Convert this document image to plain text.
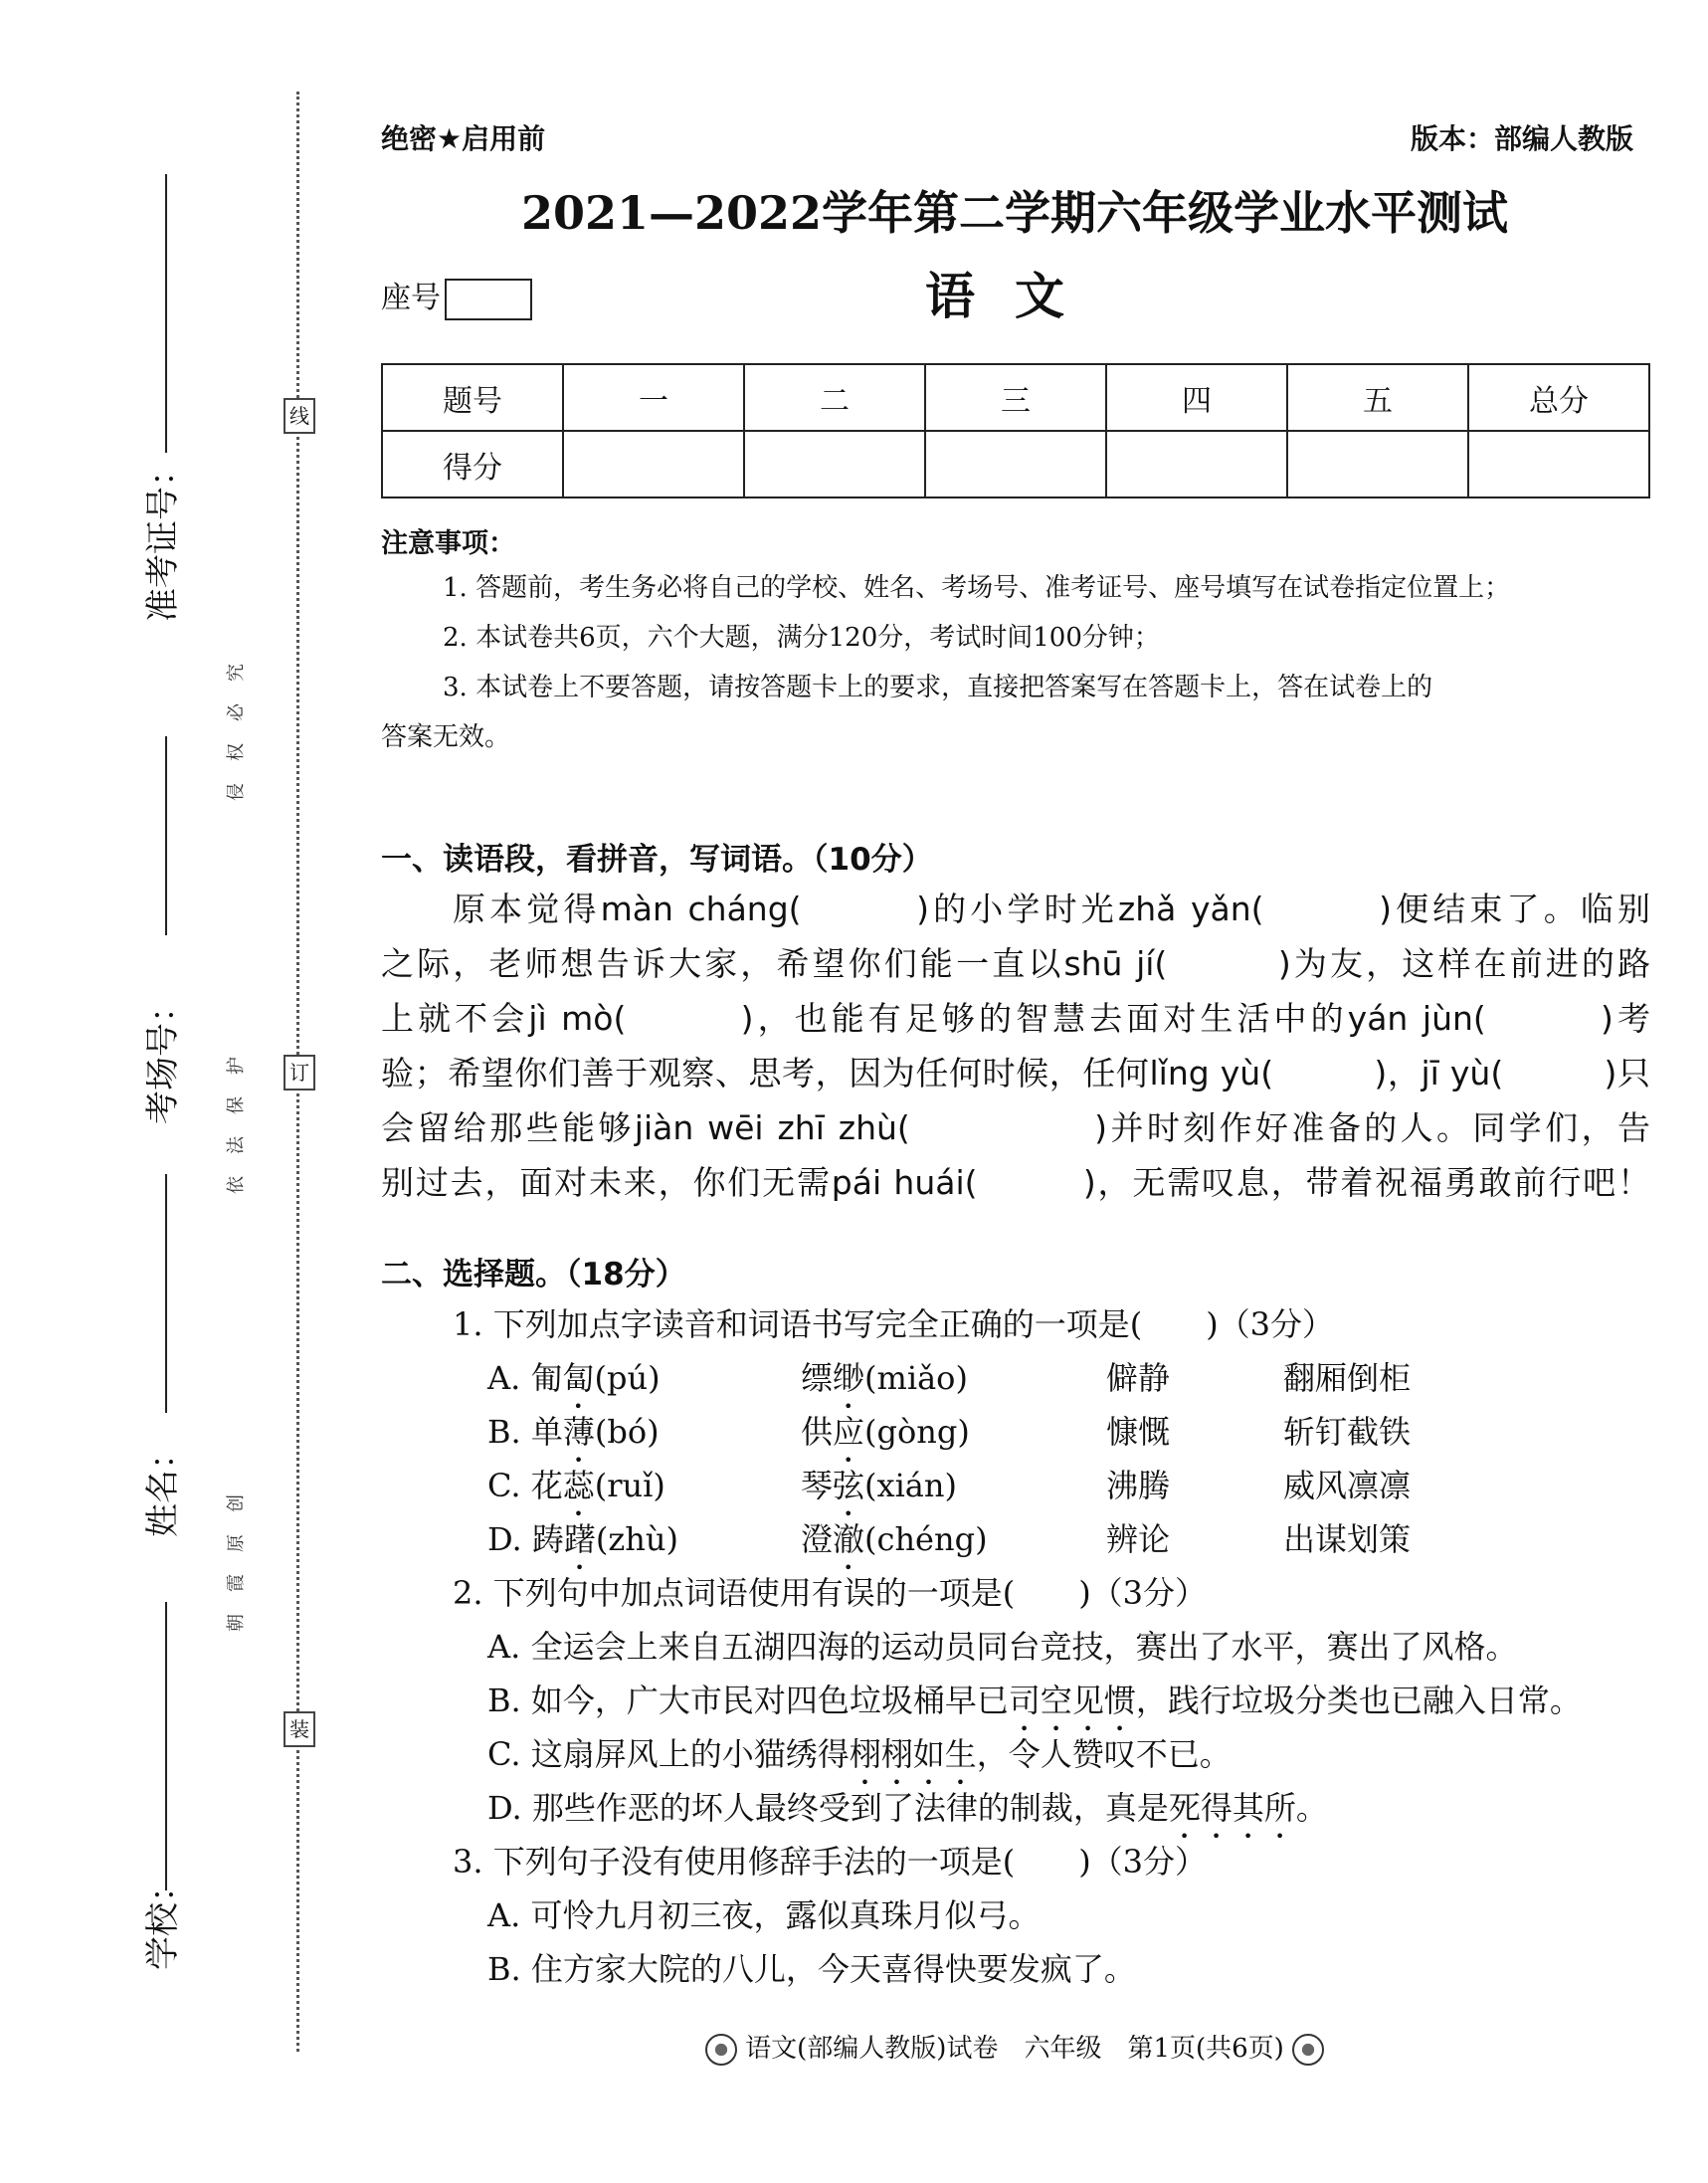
线
订
装
准考证号：
考场号：
姓名：
学校：
侵权必究
依法保护
朝霞原创
绝密★启用前	版本：部编人教版
2021—2022学年第二学期六年级学业水平测试
语文
座号
题号	一	二	三	四	五	总分
得分						
注意事项：
1. 答题前，考生务必将自己的学校、姓名、考场号、准考证号、座号填写在试卷指定位置上；
2. 本试卷共6页，六个大题，满分120分，考试时间100分钟；
3. 本试卷上不要答题，请按答题卡上的要求，直接把答案写在答题卡上，答在试卷上的
答案无效。
一、读语段，看拼音，写词语。（10分）
原本觉得màn cháng(　　　)的小学时光zhǎ yǎn(　　　)便结束了。临别
之际，老师想告诉大家，希望你们能一直以shū jí(　　　)为友，这样在前进的路
上就不会jì mò(　　　)，也能有足够的智慧去面对生活中的yán jùn(　　　)考
验；希望你们善于观察、思考，因为任何时候，任何lǐng yù(　　　)，jī yù(　　　)只
会留给那些能够jiàn wēi zhī zhù(　　　　　)并时刻作好准备的人。同学们，告
别过去，面对未来，你们无需pái huái(　　　)，无需叹息，带着祝福勇敢前行吧！
二、选择题。（18分）
1. 下列加点字读音和词语书写完全正确的一项是(　　)（3分）
A. 匍匐(pú)	缥缈(miǎo)	僻静	翻厢倒柜
B. 单薄(bó)	供应(gòng)	慷慨	斩钉截铁
C. 花蕊(ruǐ)	琴弦(xián)	沸腾	威风凛凛
D. 踌躇(zhù)	澄澈(chéng)	辨论	出谋划策
2. 下列句中加点词语使用有误的一项是(　　)（3分）
A. 全运会上来自五湖四海的运动员同台竞技，赛出了水平，赛出了风格。
B. 如今，广大市民对四色垃圾桶早已司空见惯，践行垃圾分类也已融入日常。
C. 这扇屏风上的小猫绣得栩栩如生，令人赞叹不已。
D. 那些作恶的坏人最终受到了法律的制裁，真是死得其所。
3. 下列句子没有使用修辞手法的一项是(　　)（3分）
A. 可怜九月初三夜，露似真珠月似弓。
B. 住方家大院的八儿，今天喜得快要发疯了。
语文(部编人教版)试卷　六年级　第1页(共6页)
